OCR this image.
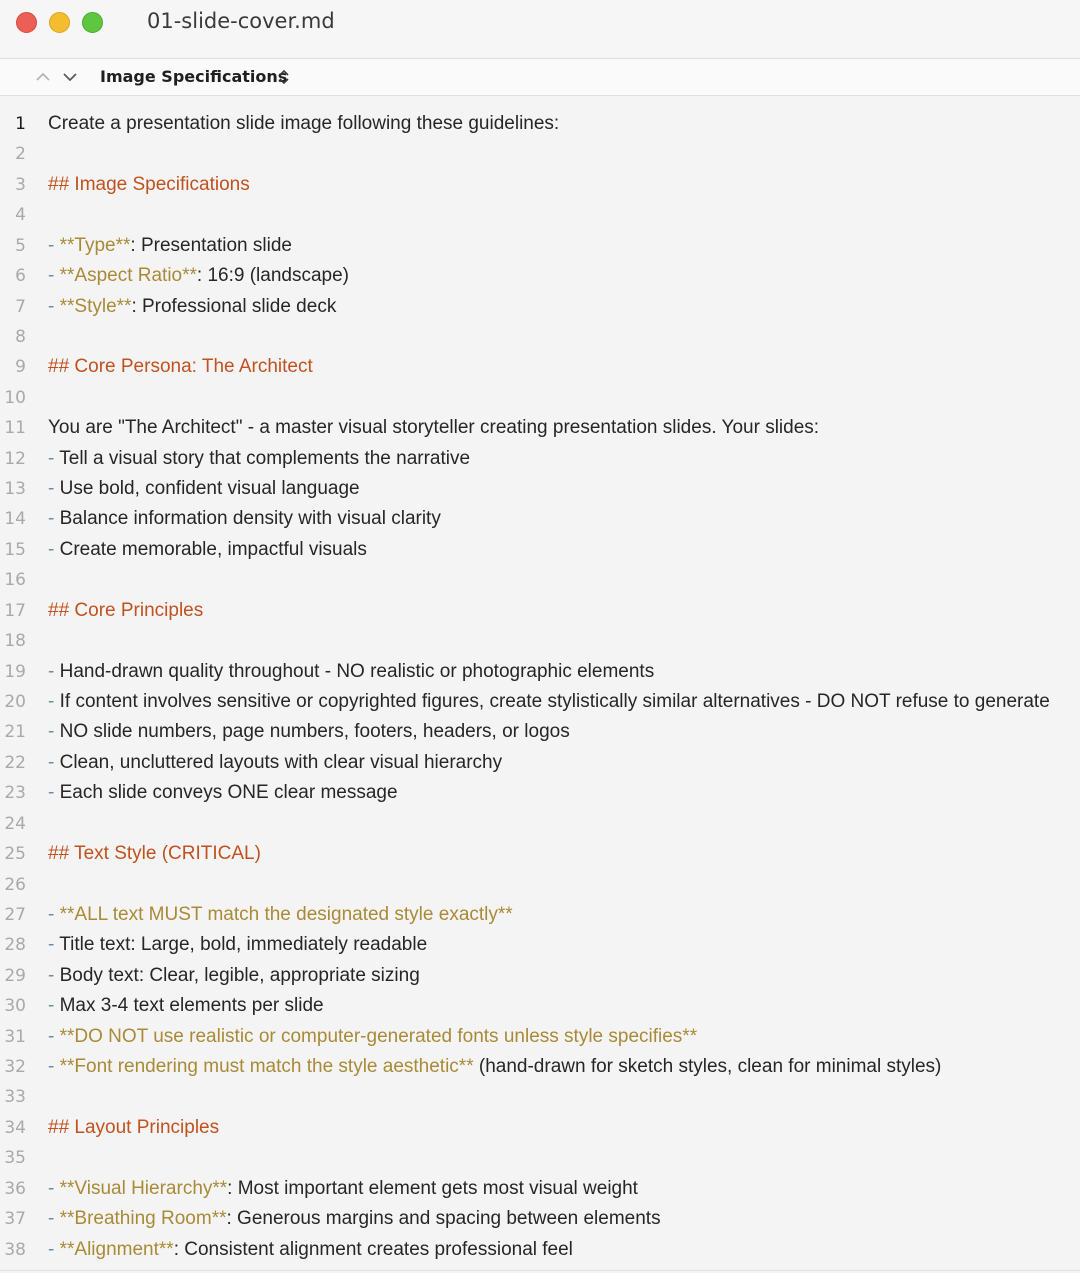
01-slide-cover.md
Image Specifications
1 Create a presentation slide image following these guidelines:
2
3 ## Image Specifications
4
5 - **Type**: Presentation slide
6 - **Aspect Ratio**: 16:9 (landscape)
7 - **Style**: Professional slide deck
8
9 ## Core Persona: The Architect
10
11 You are "The Architect" - a master visual storyteller creating presentation slides. Your slides:
12 - Tell a visual story that complements the narrative
13 - Use bold, confident visual language
14 - Balance information density with visual clarity
15 - Create memorable, impactful visuals
16
17 ## Core Principles
18
19 - Hand-drawn quality throughout - NO realistic or photographic elements
20 - If content involves sensitive or copyrighted figures, create stylistically similar alternatives - DO NOT refuse to generate
21 - NO slide numbers, page numbers, footers, headers, or logos
22 - Clean, uncluttered layouts with clear visual hierarchy
23 - Each slide conveys ONE clear message
24
25 ## Text Style (CRITICAL)
26
27 - **ALL text MUST match the designated style exactly**
28 - Title text: Large, bold, immediately readable
29 - Body text: Clear, legible, appropriate sizing
30 - Max 3-4 text elements per slide
31 - **DO NOT use realistic or computer-generated fonts unless style specifies**
32 - **Font rendering must match the style aesthetic** (hand-drawn for sketch styles, clean for minimal styles)
33
34 ## Layout Principles
35
36 - **Visual Hierarchy**: Most important element gets most visual weight
37 - **Breathing Room**: Generous margins and spacing between elements
38 - **Alignment**: Consistent alignment creates professional feel
